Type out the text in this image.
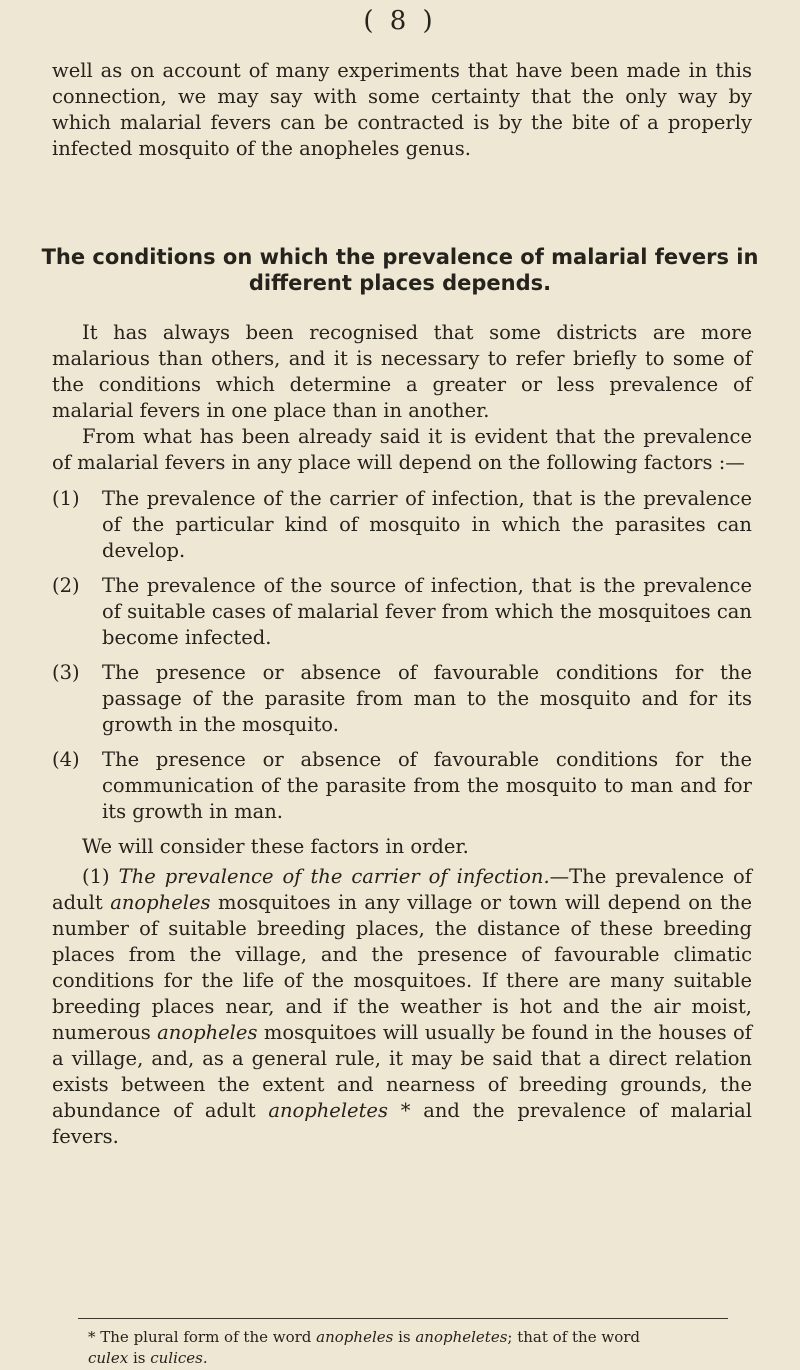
( 8 )

well as on account of many experiments that have been made in this connection, we may say with some certainty that the only way by which malarial fevers can be contracted is by the bite of a properly infected mosquito of the anopheles genus.

The conditions on which the prevalence of malarial fevers in different places depends.

It has always been recognised that some districts are more malarious than others, and it is necessary to refer briefly to some of the conditions which determine a greater or less prevalence of malarial fevers in one place than in another.

From what has been already said it is evident that the prevalence of malarial fevers in any place will depend on the following factors :—

(1)	The prevalence of the carrier of infection, that is the prevalence of the particular kind of mosquito in which the parasites can develop.
(2)	The prevalence of the source of infection, that is the prevalence of suitable cases of malarial fever from which the mosquitoes can become infected.
(3)	The presence or absence of favourable conditions for the passage of the parasite from man to the mosquito and for its growth in the mosquito.
(4)	The presence or absence of favourable conditions for the communication of the parasite from the mosquito to man and for its growth in man.

We will consider these factors in order.

(1) The prevalence of the carrier of infection.—The prevalence of adult anopheles mosquitoes in any village or town will depend on the number of suitable breeding places, the distance of these breeding places from the village, and the presence of favourable climatic conditions for the life of the mosquitoes. If there are many suitable breeding places near, and if the weather is hot and the air moist, numerous anopheles mosquitoes will usually be found in the houses of a village, and, as a general rule, it may be said that a direct relation exists between the extent and nearness of breeding grounds, the abundance of adult anopheletes * and the prevalence of malarial fevers.

* The plural form of the word anopheles is anopheletes; that of the word
culex is culices.
